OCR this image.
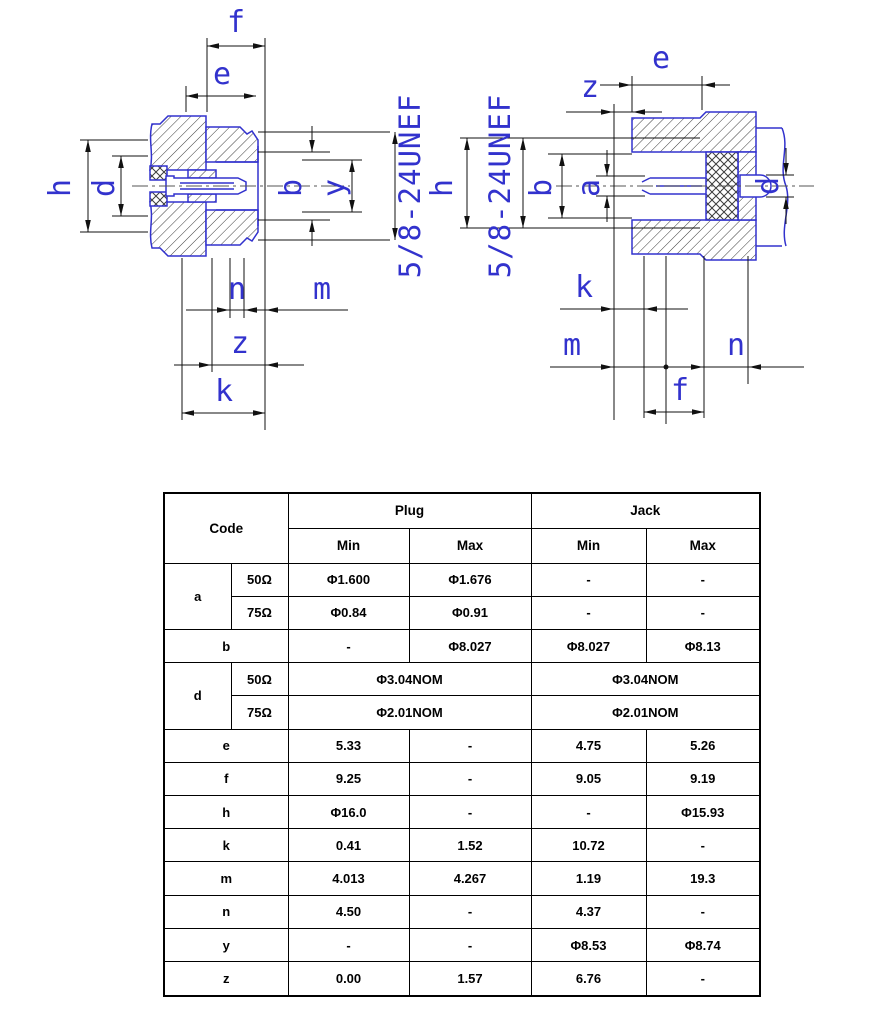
f
e
h d	b y 5/8-24UNEF
n m
z
k
e
z
h 5/8-24UNEF b a	d
k
m	n
f
Code		Plug		Jack	
		Min	Max	Min	Max
a	50Ω	Φ1.600	Φ1.676	-	-
	75Ω	Φ0.84	Φ0.91	-	-
b		-	Φ8.027	Φ8.027	Φ8.13
d	50Ω	Φ3.04NOM		Φ3.04NOM	
	75Ω	Φ2.01NOM		Φ2.01NOM	
e		5.33	-	4.75	5.26
f		9.25	-	9.05	9.19
h		Φ16.0	-	-	Φ15.93
k		0.41	1.52	10.72	-
m		4.013	4.267	1.19	19.3
n		4.50	-	4.37	-
y		-	-	Φ8.53	Φ8.74
z		0.00	1.57	6.76	-
